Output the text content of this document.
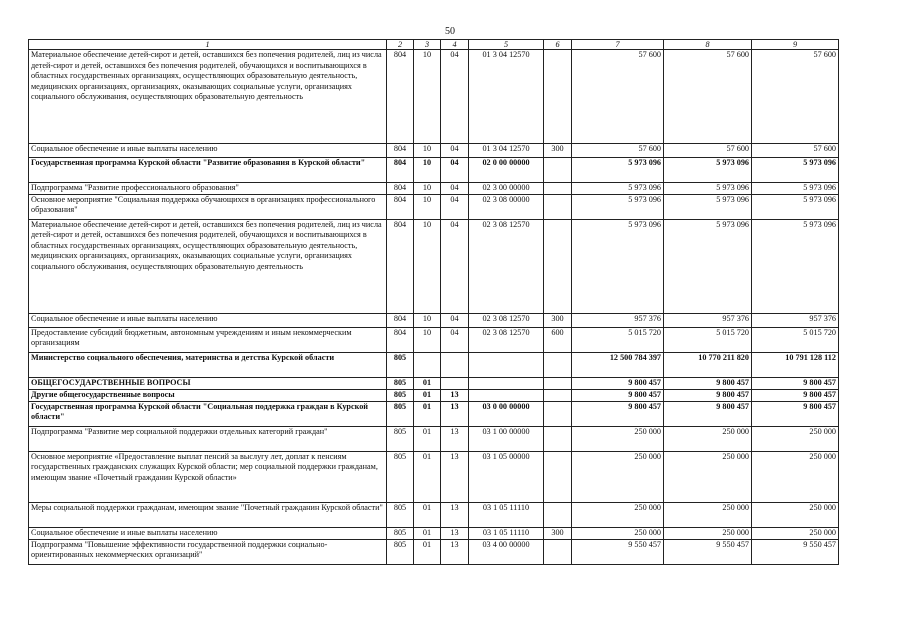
50
1	2	3	4	5	6	7	8	9
Материальное обеспечение детей-сирот и детей, оставшихся без попечения родителей, лиц из числа детей-сирот и детей, оставшихся без попечения родителей, обучающихся и воспитывающихся в областных государственных организациях, осуществляющих образовательную деятельность, медицинских организациях, организациях, оказывающих социальные услуги, организациях социального обслуживания, осуществляющих образовательную деятельность	804	10	04	01 3 04 12570		57 600	57 600	57 600
Социальное обеспечение и иные выплаты населению	804	10	04	01 3 04 12570	300	57 600	57 600	57 600
Государственная программа Курской области "Развитие образования в Курской области"	804	10	04	02 0 00 00000		5 973 096	5 973 096	5 973 096
Подпрограмма "Развитие профессионального образования"	804	10	04	02 3 00 00000		5 973 096	5 973 096	5 973 096
Основное мероприятие "Социальная поддержка обучающихся в организациях профессионального образования"	804	10	04	02 3 08 00000		5 973 096	5 973 096	5 973 096
Материальное обеспечение детей-сирот и детей, оставшихся без попечения родителей, лиц из числа детей-сирот и детей, оставшихся без попечения родителей, обучающихся и воспитывающихся в областных государственных организациях, осуществляющих образовательную деятельность, медицинских организациях, организациях, оказывающих социальные услуги, организациях социального обслуживания, осуществляющих образовательную деятельность	804	10	04	02 3 08 12570		5 973 096	5 973 096	5 973 096
Социальное обеспечение и иные выплаты населению	804	10	04	02 3 08 12570	300	957 376	957 376	957 376
Предоставление субсидий бюджетным, автономным учреждениям и иным некоммерческим организациям	804	10	04	02 3 08 12570	600	5 015 720	5 015 720	5 015 720
Министерство социального обеспечения, материнства и детства Курской области	805					12 500 784 397	10 770 211 820	10 791 128 112
ОБЩЕГОСУДАРСТВЕННЫЕ ВОПРОСЫ	805	01				9 800 457	9 800 457	9 800 457
Другие общегосударственные вопросы	805	01	13			9 800 457	9 800 457	9 800 457
Государственная программа Курской области "Социальная поддержка граждан в Курской области"	805	01	13	03 0 00 00000		9 800 457	9 800 457	9 800 457
Подпрограмма "Развитие мер социальной поддержки отдельных категорий граждан"	805	01	13	03 1 00 00000		250 000	250 000	250 000
Основное мероприятие «Предоставление выплат пенсий за выслугу лет, доплат к пенсиям государственных гражданских служащих Курской области; мер социальной поддержки гражданам, имеющим звание «Почетный гражданин Курской области»	805	01	13	03 1 05 00000		250 000	250 000	250 000
Меры социальной поддержки гражданам, имеющим звание "Почетный гражданин Курской области"	805	01	13	03 1 05 11110		250 000	250 000	250 000
Социальное обеспечение и иные выплаты населению	805	01	13	03 1 05 11110	300	250 000	250 000	250 000
Подпрограмма "Повышение эффективности государственной поддержки социально-ориентированных некоммерческих организаций"	805	01	13	03 4 00 00000		9 550 457	9 550 457	9 550 457
